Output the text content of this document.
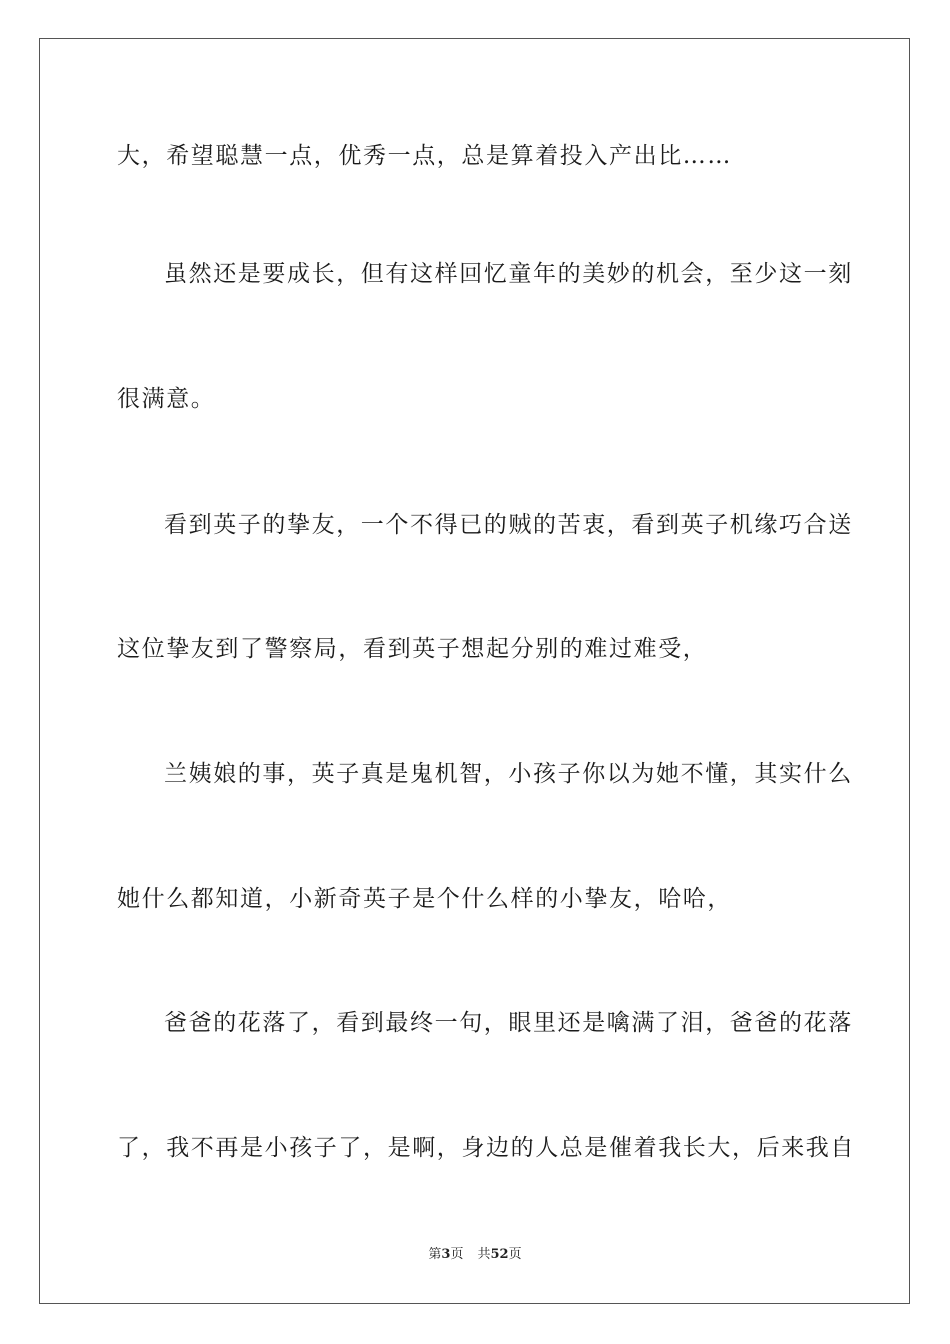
大，希望聪慧一点，优秀一点，总是算着投入产出比……
虽然还是要成长，但有这样回忆童年的美妙的机会，至少这一刻
很满意。
看到英子的挚友，一个不得已的贼的苦衷，看到英子机缘巧合送
这位挚友到了警察局，看到英子想起分别的难过难受，
兰姨娘的事，英子真是鬼机智，小孩子你以为她不懂，其实什么
她什么都知道，小新奇英子是个什么样的小挚友，哈哈，
爸爸的花落了，看到最终一句，眼里还是噙满了泪，爸爸的花落
了，我不再是小孩子了，是啊，身边的人总是催着我长大，后来我自
第3页 共52页
